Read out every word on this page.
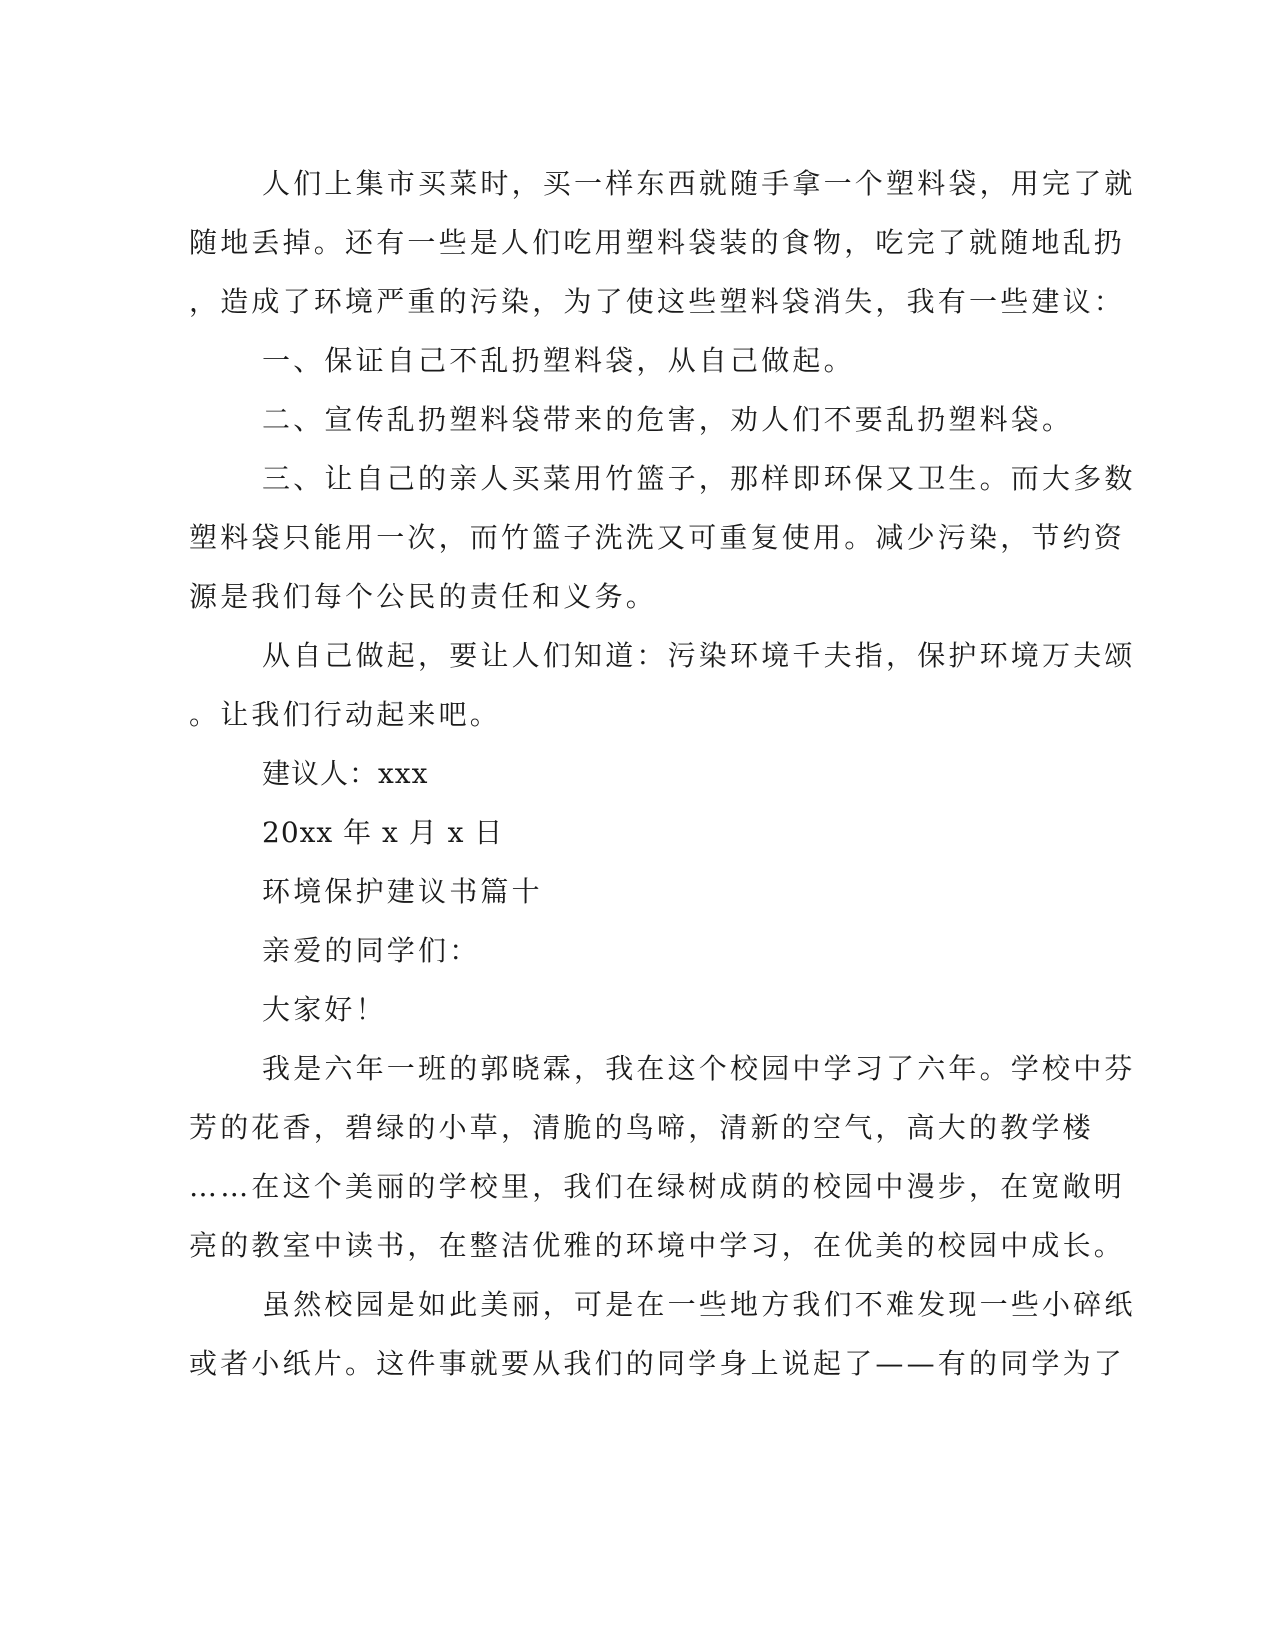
人们上集市买菜时，买一样东西就随手拿一个塑料袋，用完了就
随地丢掉。还有一些是人们吃用塑料袋装的食物，吃完了就随地乱扔
，造成了环境严重的污染，为了使这些塑料袋消失，我有一些建议：
一、保证自己不乱扔塑料袋，从自己做起。
二、宣传乱扔塑料袋带来的危害，劝人们不要乱扔塑料袋。
三、让自己的亲人买菜用竹篮子，那样即环保又卫生。而大多数
塑料袋只能用一次，而竹篮子洗洗又可重复使用。减少污染，节约资
源是我们每个公民的责任和义务。
从自己做起，要让人们知道：污染环境千夫指，保护环境万夫颂
。让我们行动起来吧。
建议人：xxx
20xx 年 x 月 x 日
环境保护建议书篇十
亲爱的同学们：
大家好！
我是六年一班的郭晓霖，我在这个校园中学习了六年。学校中芬
芳的花香，碧绿的小草，清脆的鸟啼，清新的空气，高大的教学楼
……在这个美丽的学校里，我们在绿树成荫的校园中漫步，在宽敞明
亮的教室中读书，在整洁优雅的环境中学习，在优美的校园中成长。
虽然校园是如此美丽，可是在一些地方我们不难发现一些小碎纸
或者小纸片。这件事就要从我们的同学身上说起了——有的同学为了
